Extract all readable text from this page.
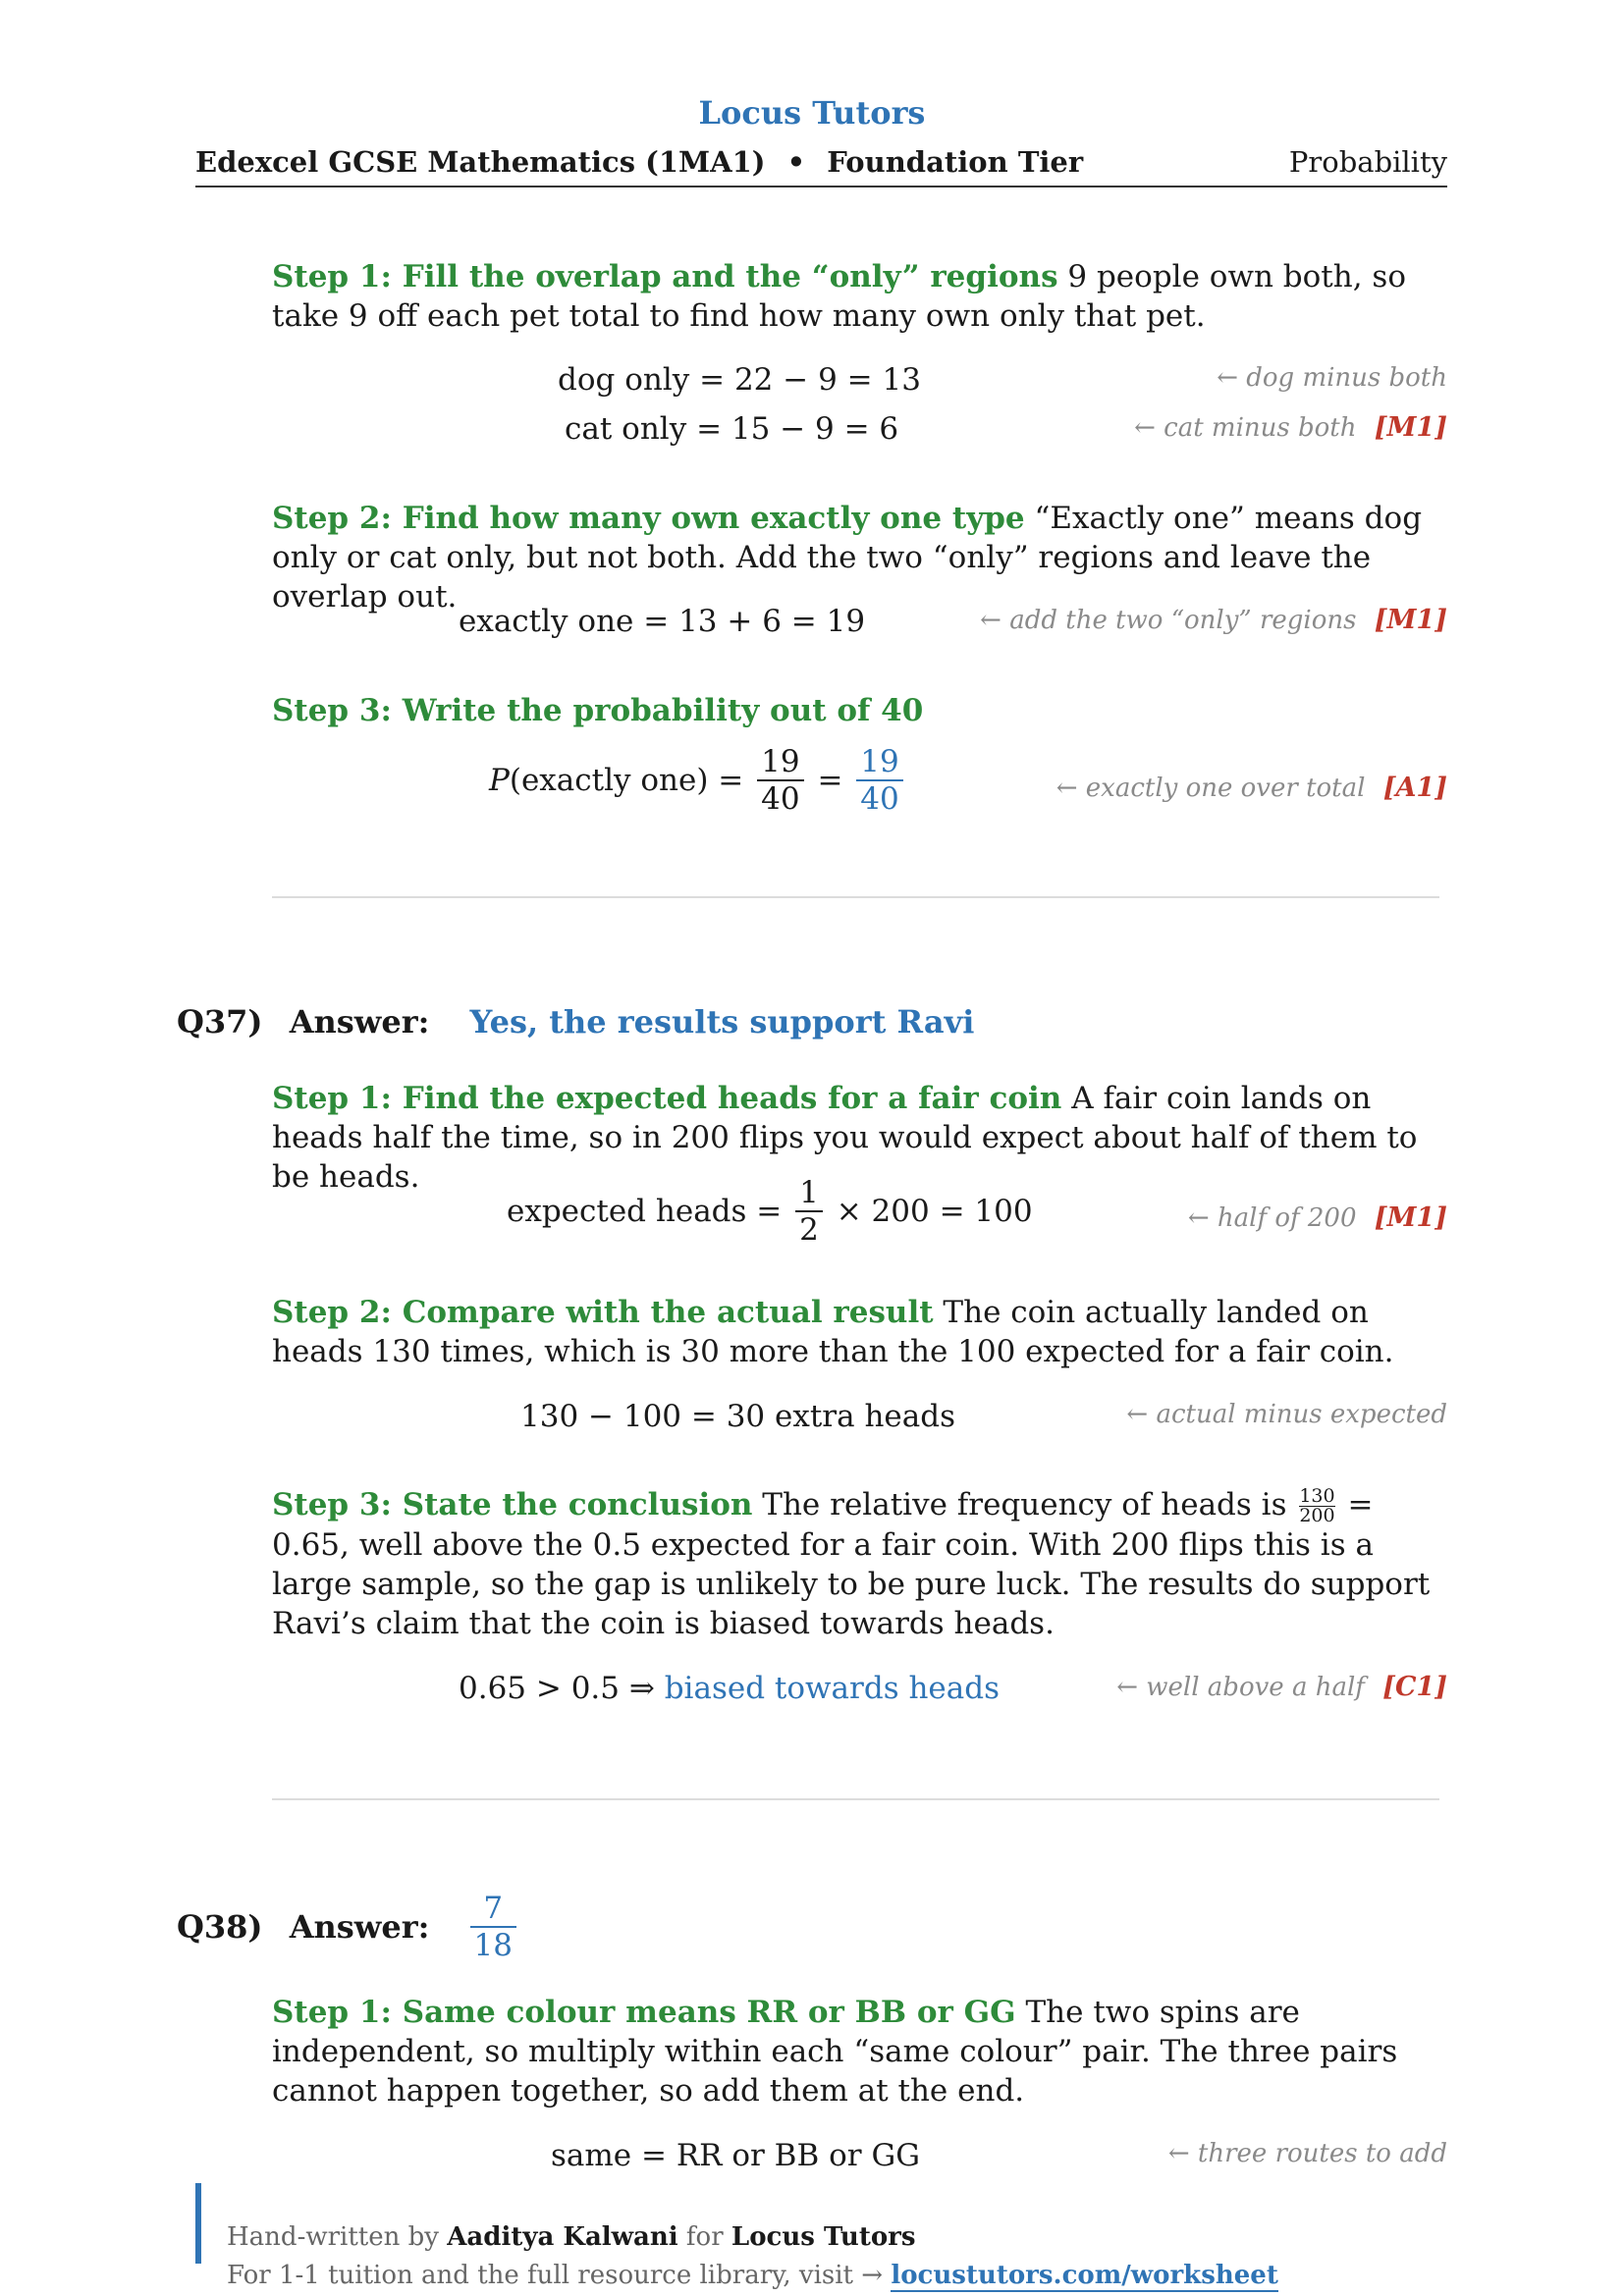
Locus Tutors
Edexcel GCSE Mathematics (1MA1) • Foundation Tier	Probability
Step 1: Fill the overlap and the “only” regions 9 people own both, so take 9 off each pet total to find how many own only that pet.
dog only = 22 − 9 = 13	← dog minus both
cat only = 15 − 9 = 6	← cat minus both [M1]
Step 2: Find how many own exactly one type “Exactly one” means dog only or cat only, but not both. Add the two “only” regions and leave the overlap out.
exactly one = 13 + 6 = 19	← add the two “only” regions [M1]
Step 3: Write the probability out of 40
P(exactly $one) = \frac{19}{40} = \frac{19}{40}$	← exactly one over total [A1]
Q37) Answer: Yes, the results support Ravi
Step 1: Find the expected heads for a fair coin A fair coin lands on heads half the time, so in 200 flips you would expect about half of them to be heads.
expected heads = $\frac{1}{2} \times 200 = 100$	← half of 200 [M1]
Step 2: Compare with the actual result The coin actually landed on heads 130 times, which is 30 more than the 100 expected for a fair coin.
130 − 100 = 30 extra heads	← actual minus expected
Step 3: State the conclusion The relative frequency of heads is $\frac{130}{200} = 0.65$, well above the 0.5 expected for a fair coin. With 200 flips this is a large sample, so the gap is unlikely to be pure luck. The results do support Ravi’s claim that the coin is biased towards heads.
0.65 > 0.5 ⇒ biased towards heads	← well above a half [C1]
Q38) Answer: $\frac{7}{18}$
Step 1: Same colour means RR or BB or GG The two spins are independent, so multiply within each “same colour” pair. The three pairs cannot happen together, so add them at the end.
same = RR or BB or GG	← three routes to add
Hand-written by Aaditya Kalwani for Locus Tutors
For 1-1 tuition and the full resource library, visit → locustutors.com/worksheet
